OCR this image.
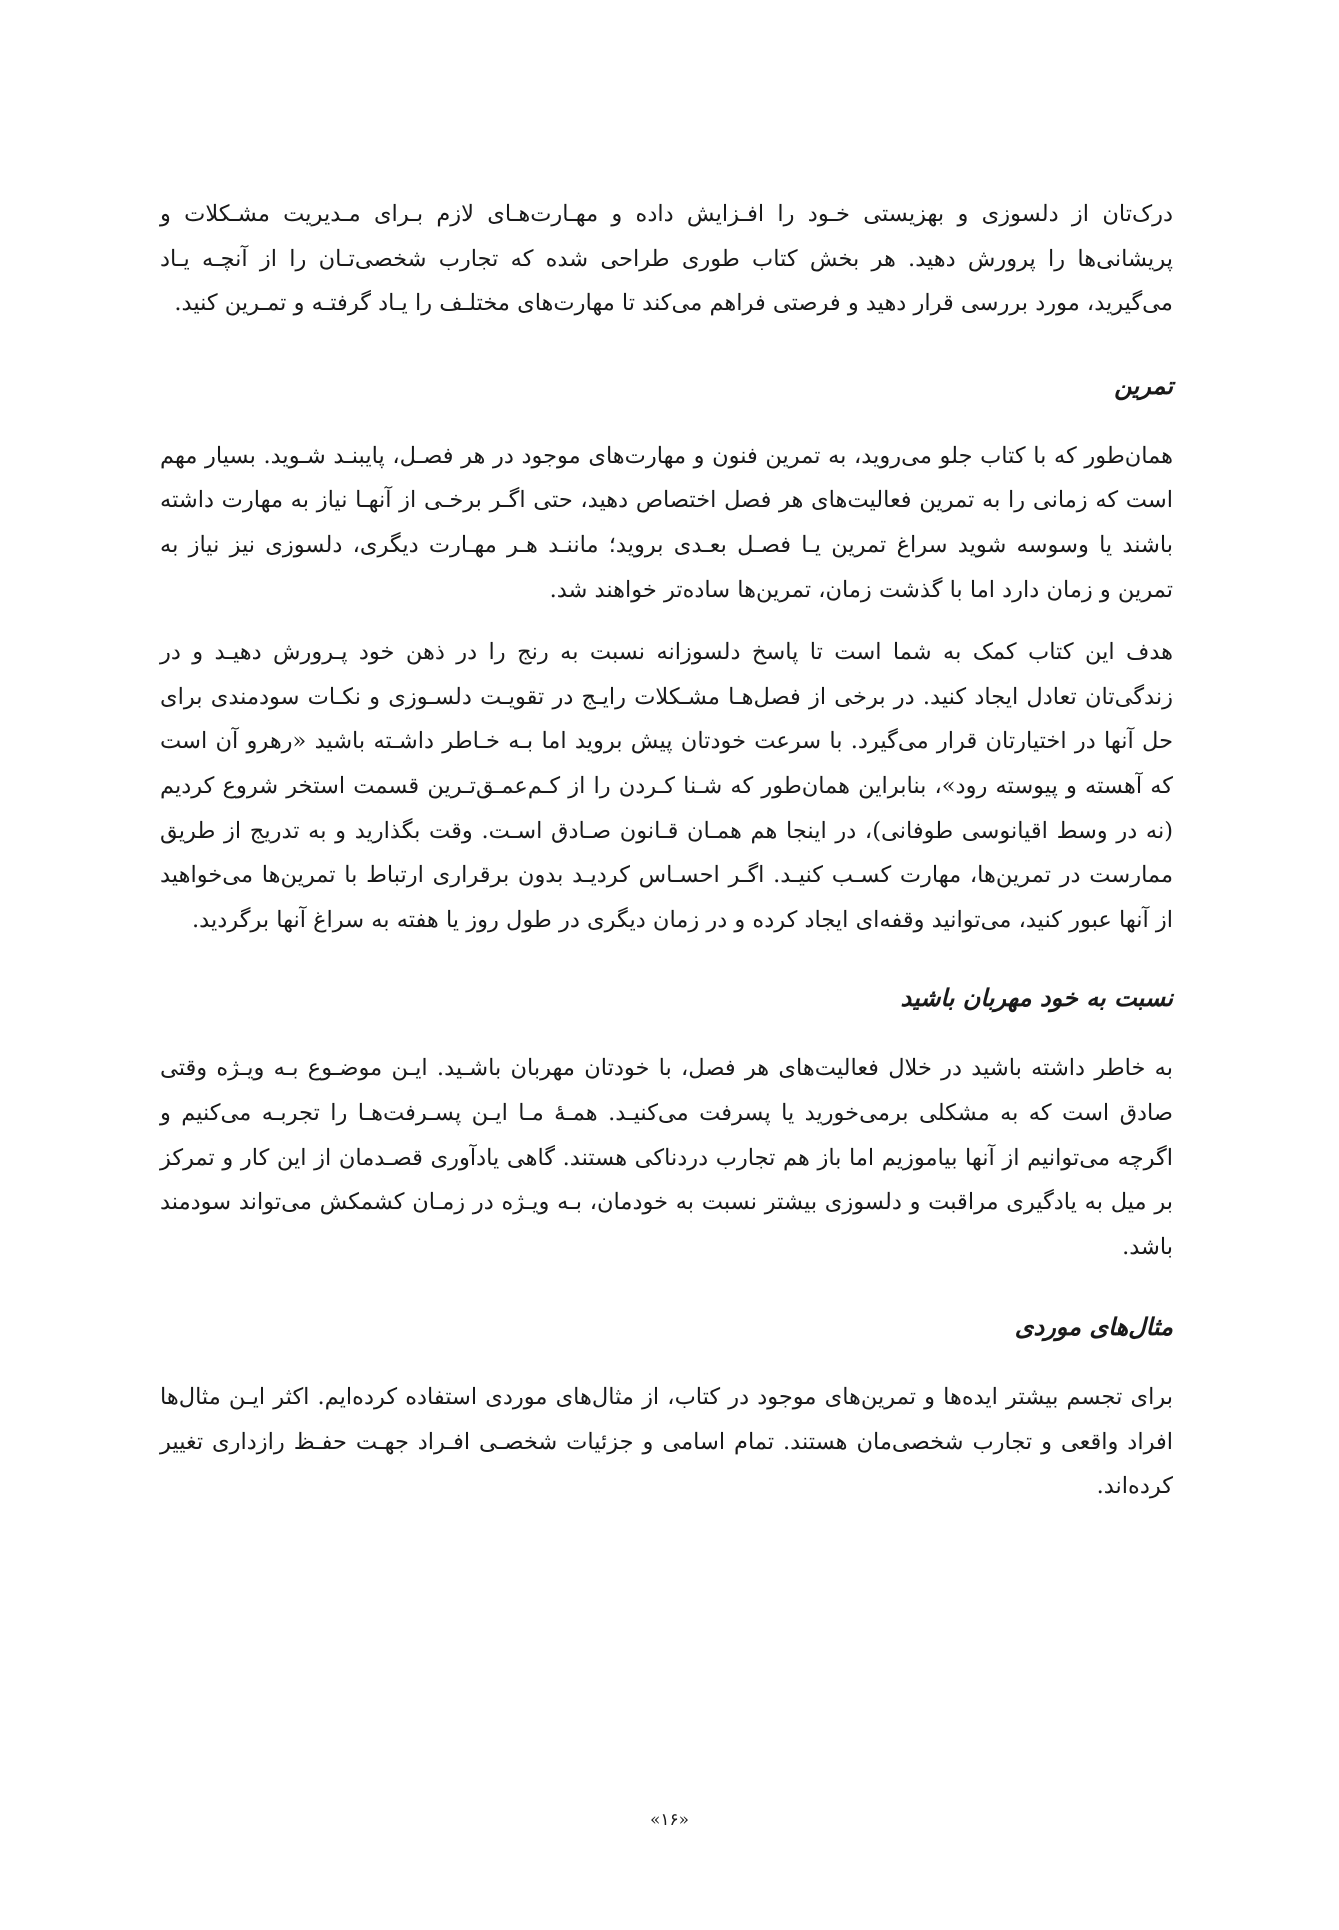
درک‌تان از دلسوزی و بهزیستی خـود را افـزایش داده و مهـارت‌هـای لازم بـرای مـدیریت مشـکلات و پریشانی‌ها را پرورش دهید. هر بخش کتاب طوری طراحی شده که تجارب شخصی‌تـان را از آنچـه یـاد می‌گیرید، مورد بررسی قرار دهید و فرصتی فراهم می‌کند تا مهارت‌های مختلـف را یـاد گرفتـه و تمـرین کنید.

تمرین

همان‌طور که با کتاب جلو می‌روید، به تمرین فنون و مهارت‌های موجود در هر فصـل، پایبنـد شـوید. بسیار مهم است که زمانی را به تمرین فعالیت‌های هر فصل اختصاص دهید، حتی اگـر برخـی از آنهـا نیاز به مهارت داشته باشند یا وسوسه شوید سراغ تمرین یـا فصـل بعـدی بروید؛ ماننـد هـر مهـارت دیگری، دلسوزی نیز نیاز به تمرین و زمان دارد اما با گذشت زمان، تمرین‌ها ساده‌تر خواهند شد.

هدف این کتاب کمک به شما است تا پاسخ دلسوزانه نسبت به رنج را در ذهن خود پـرورش دهیـد و در زندگی‌تان تعادل ایجاد کنید. در برخی از فصل‌هـا مشـکلات رایـج در تقویـت دلسـوزی و نکـات سودمندی برای حل آنها در اختیارتان قرار می‌گیرد. با سرعت خودتان پیش بروید اما بـه خـاطر داشـته باشید «رهرو آن است که آهسته و پیوسته رود»، بنابراین همان‌طور که شـنا کـردن را از کـم‌عمـق‌تـرین قسمت استخر شروع کردیم (نه در وسط اقیانوسی طوفانی)، در اینجا هم همـان قـانون صـادق اسـت. وقت بگذارید و به تدریج از طریق ممارست در تمرین‌ها، مهارت کسـب کنیـد. اگـر احسـاس کردیـد بدون برقراری ارتباط با تمرین‌ها می‌خواهید از آنها عبور کنید، می‌توانید وقفه‌ای ایجاد کرده و در زمان دیگری در طول روز یا هفته به سراغ آنها برگردید.

نسبت به خود مهربان باشید

به خاطر داشته باشید در خلال فعالیت‌های هر فصل، با خودتان مهربان باشـید. ایـن موضـوع بـه ویـژه وقتی صادق است که به مشکلی برمی‌خورید یا پسرفت می‌کنیـد. همـهٔ مـا ایـن پسـرفت‌هـا را تجربـه می‌کنیم و اگرچه می‌توانیم از آنها بیاموزیم اما باز هم تجارب دردناکی هستند. گاهی یادآوری قصـدمان از این کار و تمرکز بر میل به یادگیری مراقبت و دلسوزی بیشتر نسبت به خودمان، بـه ویـژه در زمـان کشمکش می‌تواند سودمند باشد.

مثال‌های موردی

برای تجسم بیشتر ایده‌ها و تمرین‌های موجود در کتاب، از مثال‌های موردی استفاده کرده‌ایم. اکثر ایـن مثال‌ها افراد واقعی و تجارب شخصی‌مان هستند. تمام اسامی و جزئیات شخصـی افـراد جهـت حفـظ رازداری تغییر کرده‌اند.

«۱۶»
